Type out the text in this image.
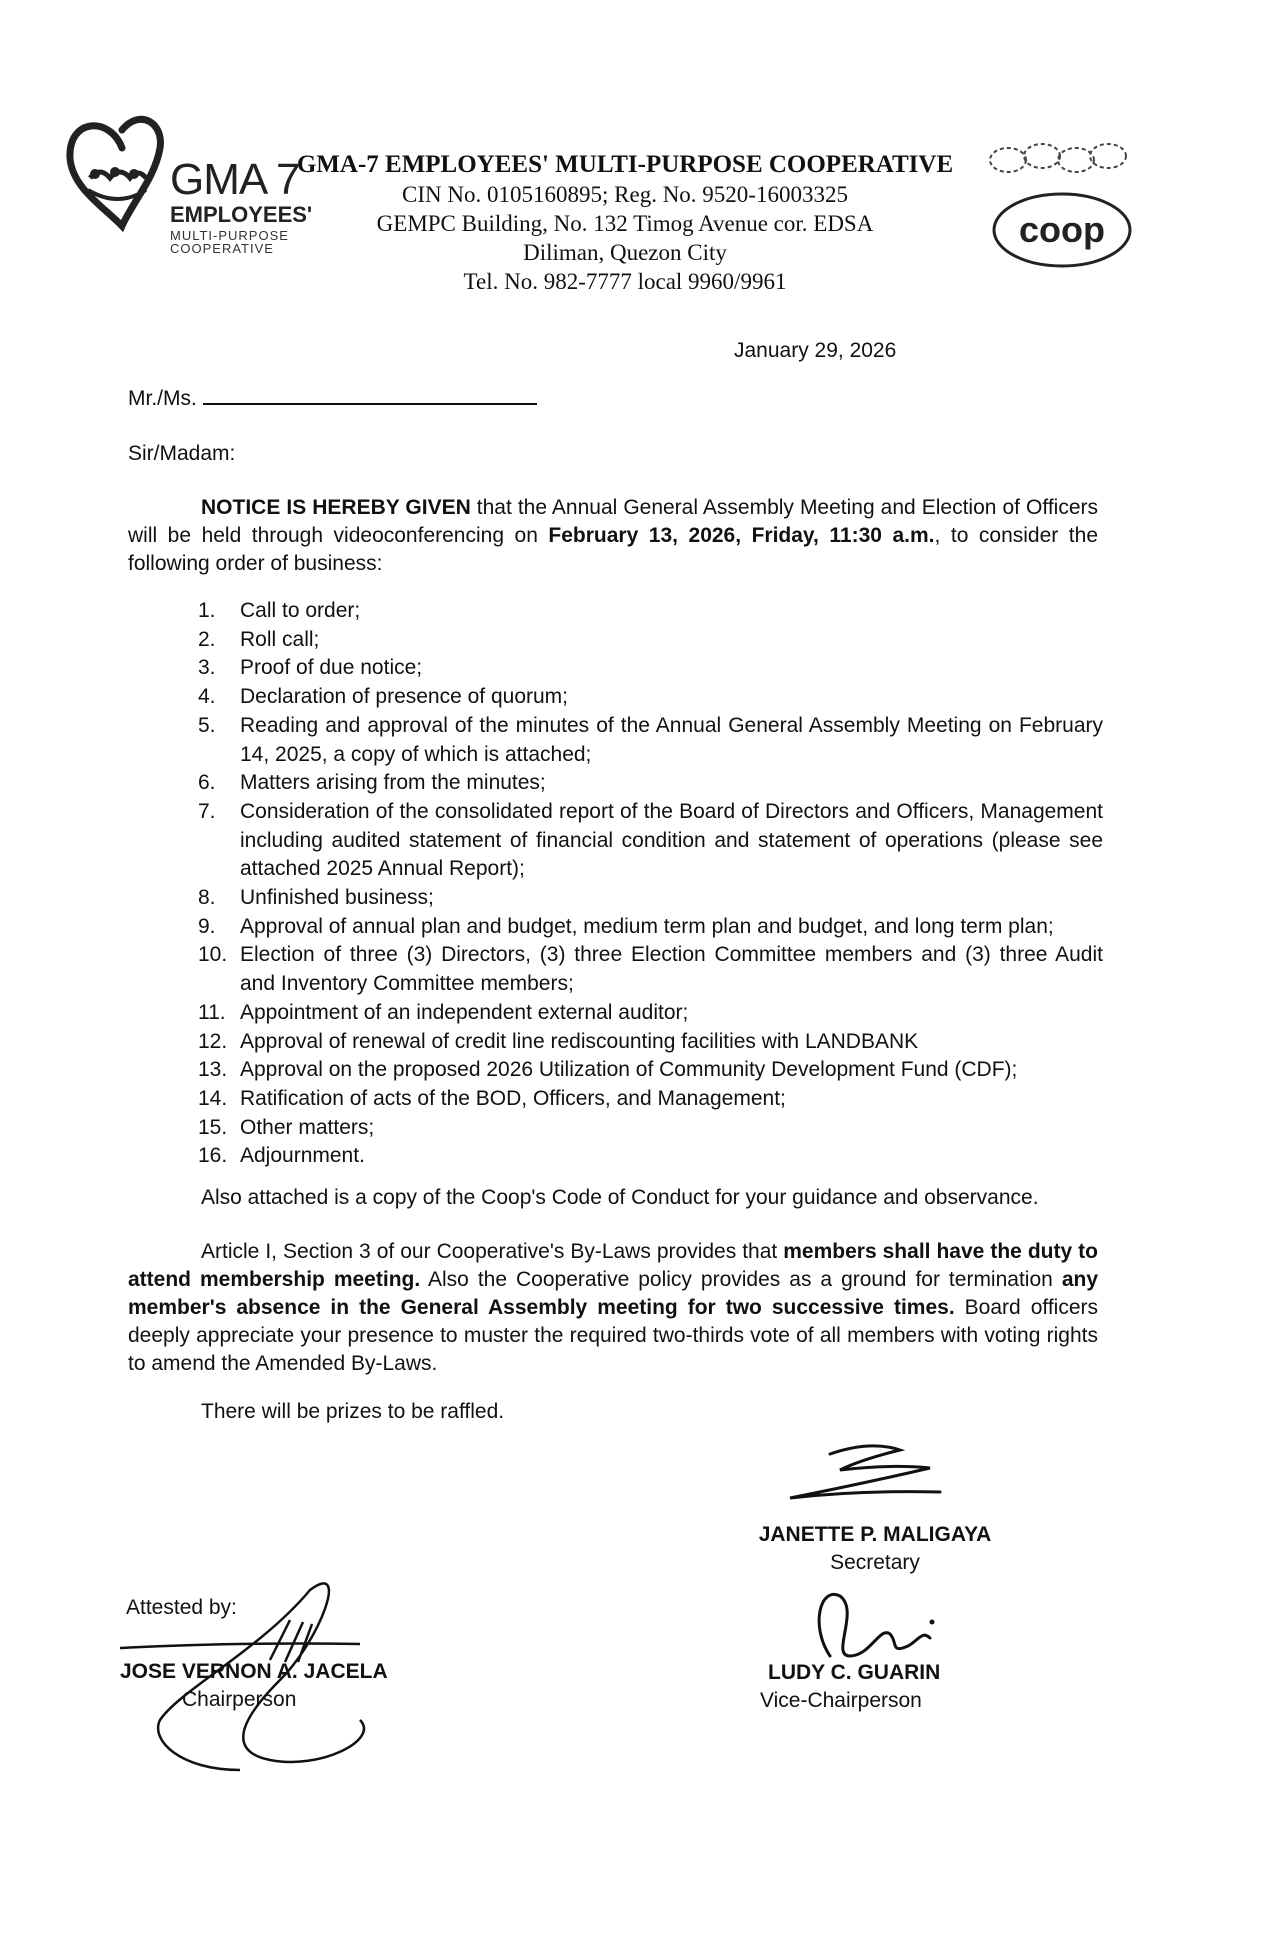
GMA 7
EMPLOYEES'
MULTI-PURPOSE
COOPERATIVE
GMA-7 EMPLOYEES' MULTI-PURPOSE COOPERATIVE
CIN No. 0105160895; Reg. No. 9520-16003325
GEMPC Building, No. 132 Timog Avenue cor. EDSA
Diliman, Quezon City
Tel. No. 982-7777 local 9960/9961
coop
January 29, 2026
Mr./Ms.
Sir/Madam:
NOTICE IS HEREBY GIVEN that the Annual General Assembly Meeting and Election of Officers will be held through videoconferencing on February 13, 2026, Friday, 11:30 a.m., to consider the following order of business:
1.	Call to order;
2.	Roll call;
3.	Proof of due notice;
4.	Declaration of presence of quorum;
5.	Reading and approval of the minutes of the Annual General Assembly Meeting on February 14, 2025, a copy of which is attached;
6.	Matters arising from the minutes;
7.	Consideration of the consolidated report of the Board of Directors and Officers, Management including audited statement of financial condition and statement of operations (please see attached 2025 Annual Report);
8.	Unfinished business;
9.	Approval of annual plan and budget, medium term plan and budget, and long term plan;
10. Election of three (3) Directors, (3) three Election Committee members and (3) three Audit and Inventory Committee members;
11. Appointment of an independent external auditor;
12. Approval of renewal of credit line rediscounting facilities with LANDBANK
13. Approval on the proposed 2026 Utilization of Community Development Fund (CDF);
14. Ratification of acts of the BOD, Officers, and Management;
15. Other matters;
16. Adjournment.
Also attached is a copy of the Coop's Code of Conduct for your guidance and observance.
Article I, Section 3 of our Cooperative's By-Laws provides that members shall have the duty to attend membership meeting. Also the Cooperative policy provides as a ground for termination any member's absence in the General Assembly meeting for two successive times. Board officers deeply appreciate your presence to muster the required two-thirds vote of all members with voting rights to amend the Amended By-Laws.
There will be prizes to be raffled.
JANETTE P. MALIGAYA
Secretary
Attested by:
JOSE VERNON A. JACELA
Chairperson
LUDY C. GUARIN
Vice-Chairperson
